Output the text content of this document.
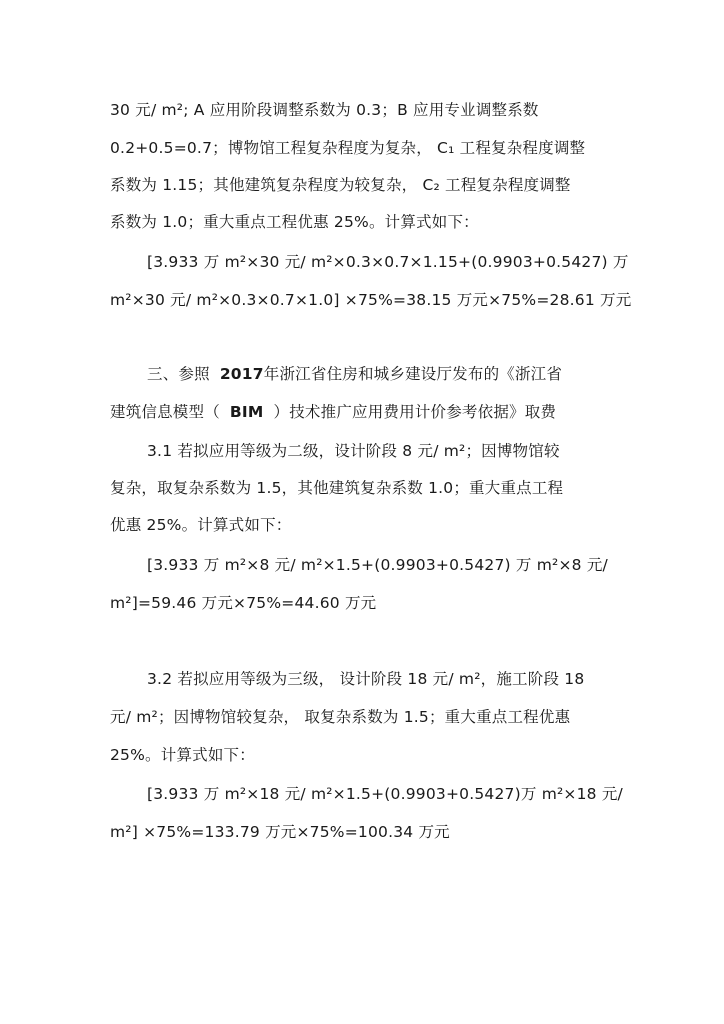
30 元/ m²; A 应用阶段调整系数为 0.3；B 应用专业调整系数
0.2+0.5=0.7；博物馆工程复杂程度为复杂， C₁ 工程复杂程度调整
系数为 1.15；其他建筑复杂程度为较复杂， C₂ 工程复杂程度调整
系数为 1.0；重大重点工程优惠 25%。计算式如下：
[3.933 万 m²×30 元/ m²×0.3×0.7×1.15+(0.9903+0.5427) 万
m²×30 元/ m²×0.3×0.7×1.0] ×75%=38.15 万元×75%=28.61 万元
三、参照 2017年浙江省住房和城乡建设厅发布的《浙江省
建筑信息模型（ BIM ）技术推广应用费用计价参考依据》取费
3.1 若拟应用等级为二级，设计阶段 8 元/ m²；因博物馆较
复杂，取复杂系数为 1.5，其他建筑复杂系数 1.0；重大重点工程
优惠 25%。计算式如下：
[3.933 万 m²×8 元/ m²×1.5+(0.9903+0.5427) 万 m²×8 元/
m²]=59.46 万元×75%=44.60 万元
3.2 若拟应用等级为三级， 设计阶段 18 元/ m²，施工阶段 18
元/ m²；因博物馆较复杂， 取复杂系数为 1.5；重大重点工程优惠
25%。计算式如下：
[3.933 万 m²×18 元/ m²×1.5+(0.9903+0.5427)万 m²×18 元/
m²] ×75%=133.79 万元×75%=100.34 万元
